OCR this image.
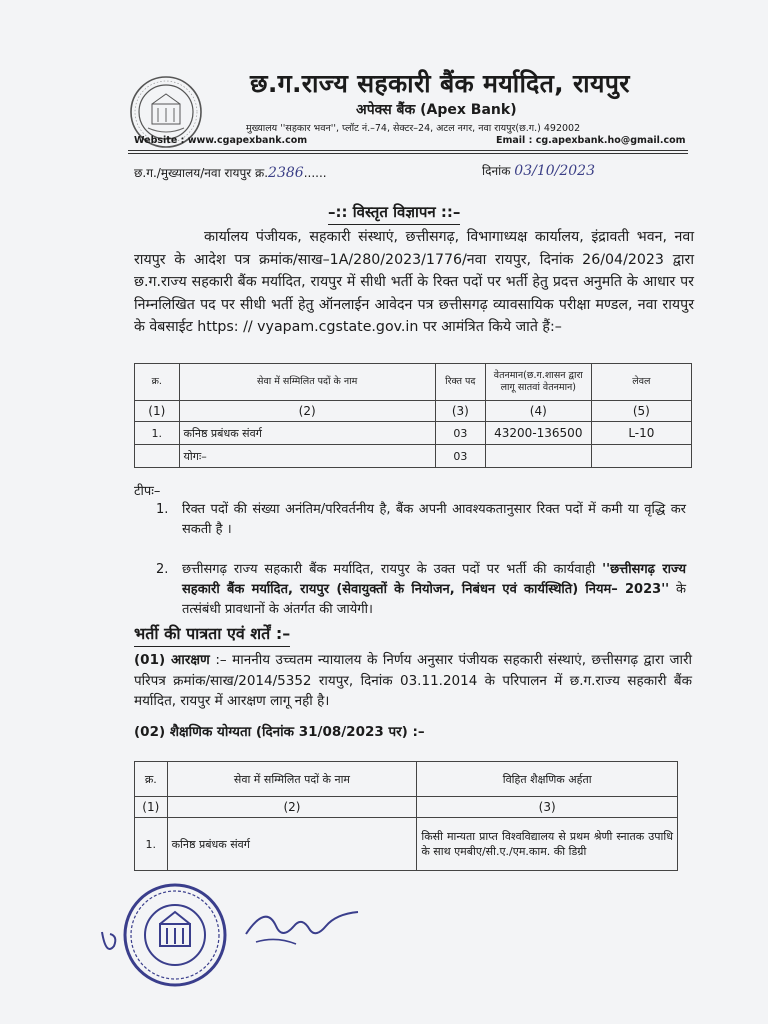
छ.ग.राज्य सहकारी बैंक मर्यादित, रायपुर
अपेक्स बैंक (Apex Bank)
मुख्यालय ''सहकार भवन'', प्लॉट नं.–74, सेक्टर–24, अटल नगर, नवा रायपुर(छ.ग.) 492002
Website : www.cgapexbank.com	Email : cg.apexbank.ho@gmail.com
छ.ग./मुख्यालय/नवा रायपुर क्र.2386......	दिनांक 03/10/2023
–:: विस्तृत विज्ञापन ::–
कार्यालय पंजीयक, सहकारी संस्थाएं, छत्तीसगढ़, विभागाध्यक्ष कार्यालय, इंद्रावती भवन, नवा रायपुर के आदेश पत्र क्रमांक/साख–1A/280/2023/1776/नवा रायपुर, दिनांक 26/04/2023 द्वारा छ.ग.राज्य सहकारी बैंक मर्यादित, रायपुर में सीधी भर्ती के रिक्त पदों पर भर्ती हेतु प्रदत्त अनुमति के आधार पर निम्नलिखित पद पर सीधी भर्ती हेतु ऑनलाईन आवेदन पत्र छत्तीसगढ़ व्यावसायिक परीक्षा मण्डल, नवा रायपुर के वेबसाईट https: // vyapam.cgstate.gov.in पर आमंत्रित किये जाते हैं:–
क्र.	सेवा में सम्मिलित पदों के नाम	रिक्त पद	वेतनमान(छ.ग.शासन द्वारा लागू सातवां वेतनमान)	लेवल
(1)	(2)	(3)	(4)	(5)
1.	कनिष्ठ प्रबंधक संवर्ग	03	43200-136500	L-10
	योगः–	03		
टीपः–
1. रिक्त पदों की संख्या अनंतिम/परिवर्तनीय है, बैंक अपनी आवश्यकतानुसार रिक्त पदों में कमी या वृद्धि कर सकती है ।
2. छत्तीसगढ़ राज्य सहकारी बैंक मर्यादित, रायपुर के उक्त पदों पर भर्ती की कार्यवाही ''छत्तीसगढ़ राज्य सहकारी बैंक मर्यादित, रायपुर (सेवायुक्तों के नियोजन, निबंधन एवं कार्यस्थिति) नियम– 2023'' के तत्संबंधी प्रावधानों के अंतर्गत की जायेगी।
भर्ती की पात्रता एवं शर्तें :–
(01) आरक्षण :– माननीय उच्चतम न्यायालय के निर्णय अनुसार पंजीयक सहकारी संस्थाएं, छत्तीसगढ़ द्वारा जारी परिपत्र क्रमांक/साख/2014/5352 रायपुर, दिनांक 03.11.2014 के परिपालन में छ.ग.राज्य सहकारी बैंक मर्यादित, रायपुर में आरक्षण लागू नही है।
(02) शैक्षणिक योग्यता (दिनांक 31/08/2023 पर) :–
क्र.	सेवा में सम्मिलित पदों के नाम	विहित शैक्षणिक अर्हता
(1)	(2)	(3)
1.	कनिष्ठ प्रबंधक संवर्ग	किसी मान्यता प्राप्त विश्वविद्यालय से प्रथम श्रेणी स्नातक उपाधि के साथ एमबीए/सी.ए./एम.काम. की डिग्री
